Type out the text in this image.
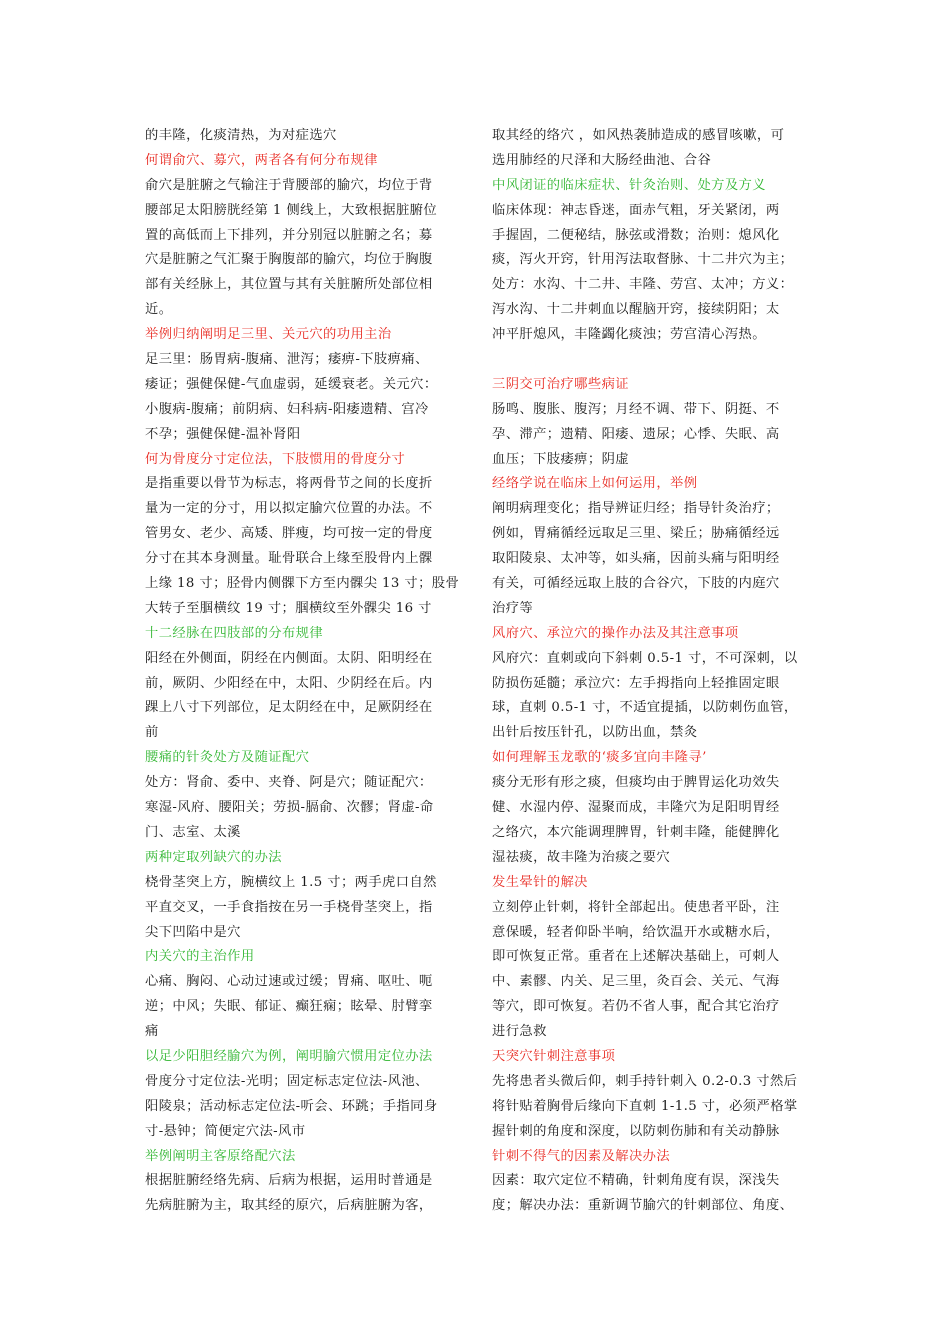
的丰隆，化痰清热，为对症选穴
何谓俞穴、募穴，两者各有何分布规律
俞穴是脏腑之气输注于背腰部的腧穴，均位于背
腰部足太阳膀胱经第 1 侧线上，大致根据脏腑位
置的高低而上下排列，并分别冠以脏腑之名；募
穴是脏腑之气汇聚于胸腹部的腧穴，均位于胸腹
部有关经脉上，其位置与其有关脏腑所处部位相
近。
举例归纳阐明足三里、关元穴的功用主治
足三里：肠胃病-腹痛、泄泻；痿痹-下肢痹痛、
痿证；强健保健-气血虚弱，延缓衰老。关元穴：
小腹病-腹痛；前阴病、妇科病-阳痿遗精、宫冷
不孕；强健保健-温补肾阳
何为骨度分寸定位法，下肢惯用的骨度分寸
是指重要以骨节为标志，将两骨节之间的长度折
量为一定的分寸，用以拟定腧穴位置的办法。不
管男女、老少、高矮、胖瘦，均可按一定的骨度
分寸在其本身测量。耻骨联合上缘至股骨内上髁
上缘 18 寸；胫骨内侧髁下方至内髁尖 13 寸；股骨
大转子至腘横纹 19 寸；腘横纹至外髁尖 16 寸
十二经脉在四肢部的分布规律
阳经在外侧面，阴经在内侧面。太阴、阳明经在
前，厥阴、少阳经在中，太阳、少阴经在后。内
踝上八寸下列部位，足太阴经在中，足厥阴经在
前
腰痛的针灸处方及随证配穴
处方：肾俞、委中、夹脊、阿是穴；随证配穴：
寒湿-风府、腰阳关；劳损-膈俞、次髎；肾虚-命
门、志室、太溪
两种定取列缺穴的办法
桡骨茎突上方，腕横纹上 1.5 寸；两手虎口自然
平直交叉，一手食指按在另一手桡骨茎突上，指
尖下凹陷中是穴
内关穴的主治作用
心痛、胸闷、心动过速或过缓；胃痛、呕吐、呃
逆；中风；失眠、郁证、癫狂痫；眩晕、肘臂挛
痛
以足少阳胆经腧穴为例，阐明腧穴惯用定位办法
骨度分寸定位法-光明；固定标志定位法-风池、
阳陵泉；活动标志定位法-听会、环跳；手指同身
寸-悬钟；简便定穴法-风市
举例阐明主客原络配穴法
根据脏腑经络先病、后病为根据，运用时普通是
先病脏腑为主，取其经的原穴，后病脏腑为客，
取其经的络穴 ，如风热袭肺造成的感冒咳嗽，可
选用肺经的尺泽和大肠经曲池、合谷
中风闭证的临床症状、针灸治则、处方及方义
临床体现：神志昏迷，面赤气粗，牙关紧闭，两
手握固，二便秘结，脉弦或滑数；治则：熄风化
痰，泻火开窍，针用泻法取督脉、十二井穴为主；
处方：水沟、十二井、丰隆、劳宫、太冲；方义：
泻水沟、十二井刺血以醒脑开窍，接续阴阳；太
冲平肝熄风，丰隆蠲化痰浊；劳宫清心泻热。
三阴交可治疗哪些病证
肠鸣、腹胀、腹泻；月经不调、带下、阴挺、不
孕、滞产；遗精、阳痿、遗尿；心悸、失眠、高
血压；下肢痿痹；阴虚
经络学说在临床上如何运用，举例
阐明病理变化；指导辨证归经；指导针灸治疗；
例如，胃痛循经远取足三里、梁丘；胁痛循经远
取阳陵泉、太冲等，如头痛，因前头痛与阳明经
有关，可循经远取上肢的合谷穴，下肢的内庭穴
治疗等
风府穴、承泣穴的操作办法及其注意事项
风府穴：直刺或向下斜刺 0.5-1 寸，不可深刺，以
防损伤延髓；承泣穴：左手拇指向上轻推固定眼
球，直刺 0.5-1 寸，不适宜提插，以防刺伤血管，
出针后按压针孔，以防出血，禁灸
如何理解玉龙歌的‘痰多宜向丰隆寻’
痰分无形有形之痰，但痰均由于脾胃运化功效失
健、水湿内停、湿聚而成，丰隆穴为足阳明胃经
之络穴，本穴能调理脾胃，针刺丰隆，能健脾化
湿祛痰，故丰隆为治痰之要穴
发生晕针的解决
立刻停止针刺，将针全部起出。使患者平卧，注
意保暖，轻者仰卧半响，给饮温开水或糖水后，
即可恢复正常。重者在上述解决基础上，可刺人
中、素髎、内关、足三里，灸百会、关元、气海
等穴，即可恢复。若仍不省人事，配合其它治疗
进行急救
天突穴针刺注意事项
先将患者头微后仰，刺手持针刺入 0.2-0.3 寸然后
将针贴着胸骨后缘向下直刺 1-1.5 寸，必须严格掌
握针刺的角度和深度，以防刺伤肺和有关动静脉
针刺不得气的因素及解决办法
因素：取穴定位不精确，针刺角度有误，深浅失
度；解决办法：重新调节腧穴的针刺部位、角度、
